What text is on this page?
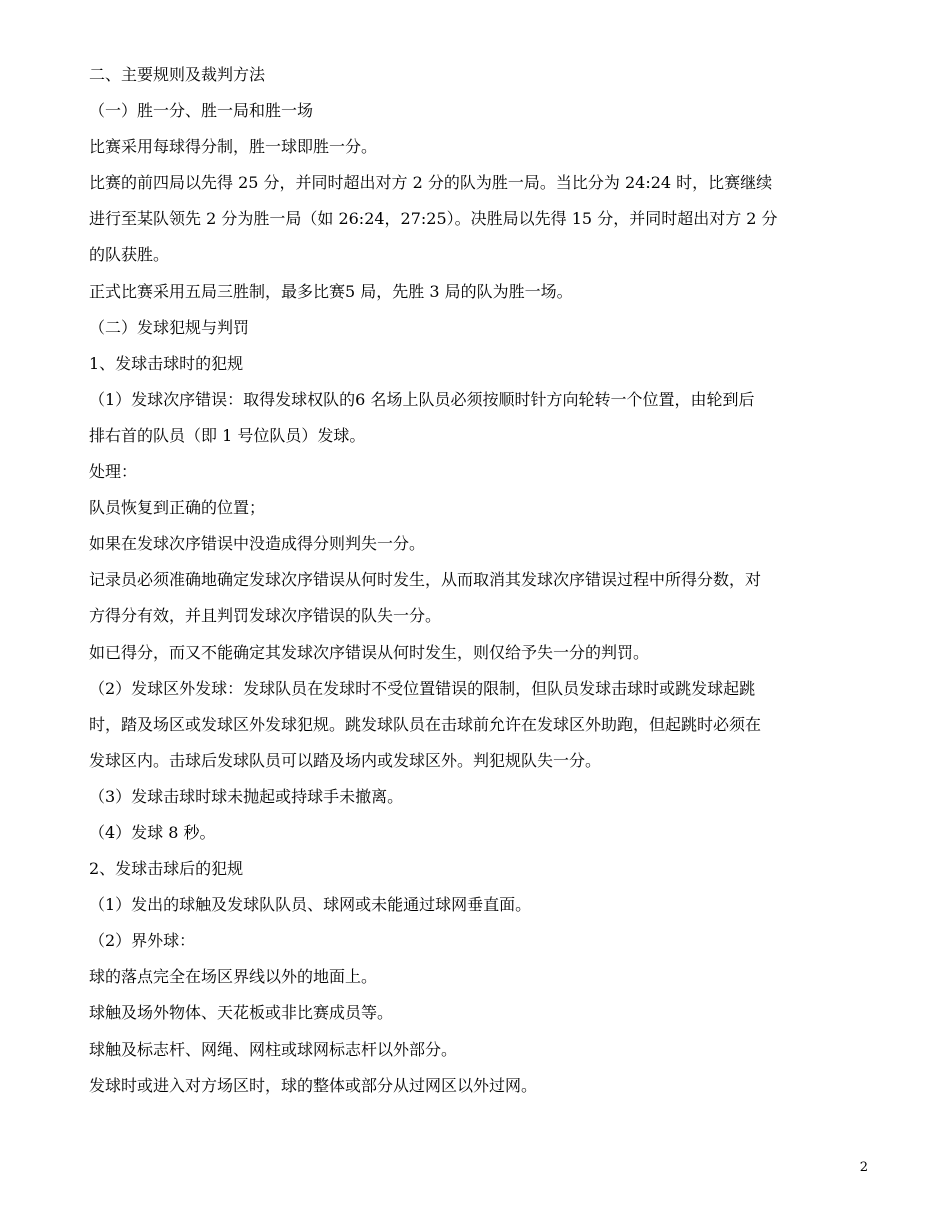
二、主要规则及裁判方法
（一）胜一分、胜一局和胜一场
比赛采用每球得分制，胜一球即胜一分。
比赛的前四局以先得 25 分，并同时超出对方 2 分的队为胜一局。当比分为 24:24 时，比赛继续
进行至某队领先 2 分为胜一局（如 26:24，27:25）。决胜局以先得 15 分，并同时超出对方 2 分
的队获胜。
正式比赛采用五局三胜制，最多比赛5 局，先胜 3 局的队为胜一场。
（二）发球犯规与判罚
1、发球击球时的犯规
（1）发球次序错误：取得发球权队的6 名场上队员必须按顺时针方向轮转一个位置，由轮到后
排右首的队员（即 1 号位队员）发球。
处理：
队员恢复到正确的位置；
如果在发球次序错误中没造成得分则判失一分。
记录员必须准确地确定发球次序错误从何时发生，从而取消其发球次序错误过程中所得分数，对
方得分有效，并且判罚发球次序错误的队失一分。
如已得分，而又不能确定其发球次序错误从何时发生，则仅给予失一分的判罚。
（2）发球区外发球：发球队员在发球时不受位置错误的限制，但队员发球击球时或跳发球起跳
时，踏及场区或发球区外发球犯规。跳发球队员在击球前允许在发球区外助跑，但起跳时必须在
发球区内。击球后发球队员可以踏及场内或发球区外。判犯规队失一分。
（3）发球击球时球未抛起或持球手未撤离。
（4）发球 8 秒。
2、发球击球后的犯规
（1）发出的球触及发球队队员、球网或未能通过球网垂直面。
（2）界外球：
球的落点完全在场区界线以外的地面上。
球触及场外物体、天花板或非比赛成员等。
球触及标志杆、网绳、网柱或球网标志杆以外部分。
发球时或进入对方场区时，球的整体或部分从过网区以外过网。
2
